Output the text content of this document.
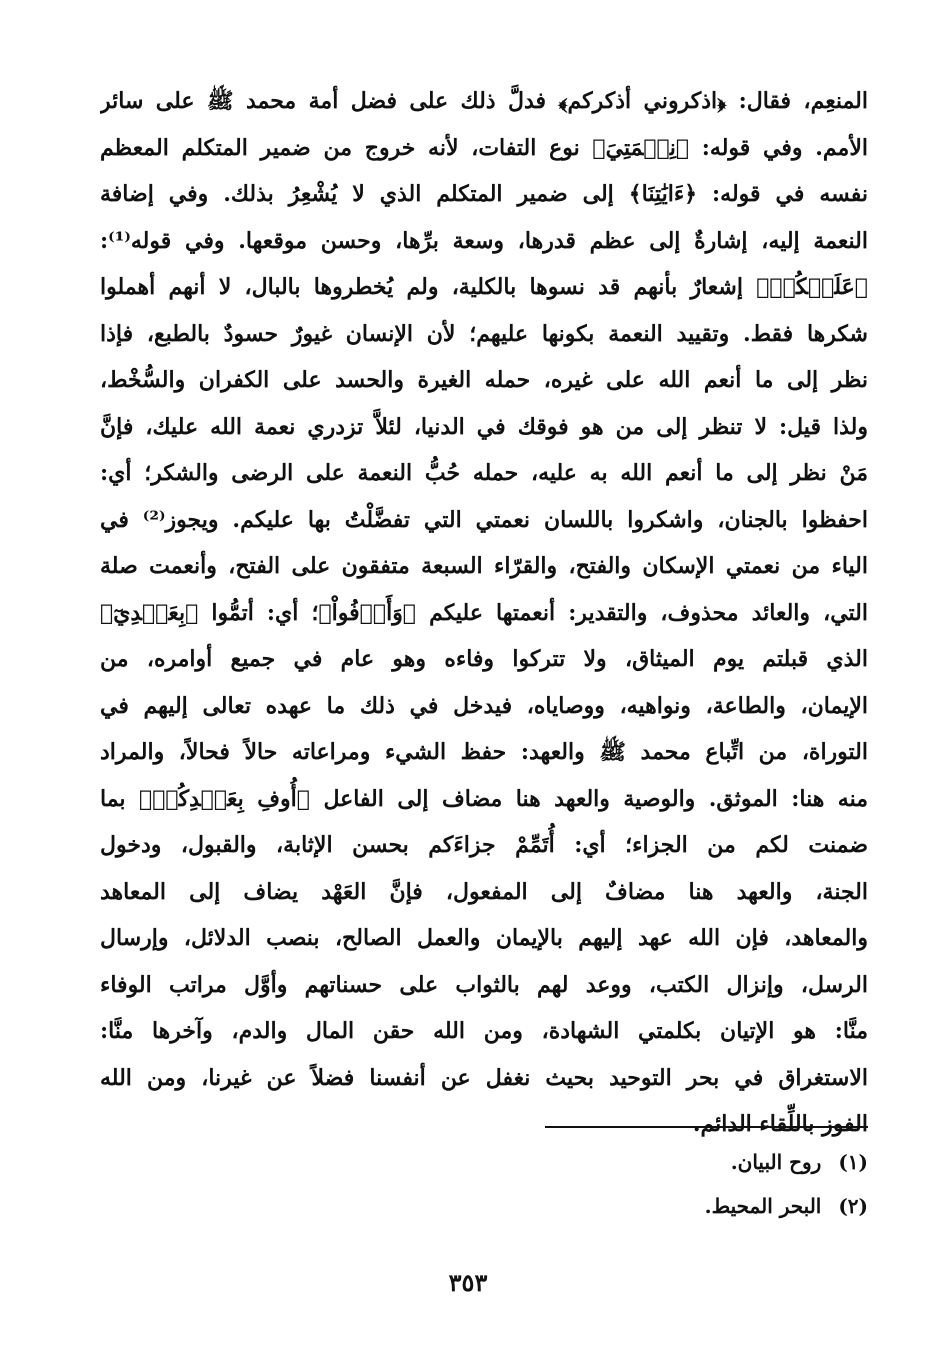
المنعِم، فقال: ﴿اذكروني أذكركم﴾ فدلَّ ذلك على فضل أمة محمد ﷺ على سائر
الأمم. وفي قوله: ﴿نِعۡمَتِيَ﴾ نوع التفات، لأنه خروج من ضمير المتكلم المعظم
نفسه في قوله: ﴿ءَايَٰتِنَا﴾ إلى ضمير المتكلم الذي لا يُشْعِرُ بذلك. وفي إضافة
النعمة إليه، إشارةٌ إلى عظم قدرها، وسعة برِّها، وحسن موقعها. وفي قوله⁽¹⁾:
﴿عَلَيۡكُمۡ﴾ إشعارٌ بأنهم قد نسوها بالكلية، ولم يُخطروها بالبال، لا أنهم أهملوا
شكرها فقط. وتقييد النعمة بكونها عليهم؛ لأن الإنسان غيورٌ حسودٌ بالطبع، فإذا
نظر إلى ما أنعم الله على غيره، حمله الغيرة والحسد على الكفران والسُّخْط،
ولذا قيل: لا تنظر إلى من هو فوقك في الدنيا، لئلاَّ تزدري نعمة الله عليك، فإنَّ
مَنْ نظر إلى ما أنعم الله به عليه، حمله حُبُّ النعمة على الرضى والشكر؛ أي:
احفظوا بالجنان، واشكروا باللسان نعمتي التي تفضَّلْتُ بها عليكم. ويجوز⁽²⁾ في
الياء من نعمتي الإسكان والفتح، والقرّاء السبعة متفقون على الفتح، وأنعمت صلة
التي، والعائد محذوف، والتقدير: أنعمتها عليكم ﴿وَأَوۡفُواْ﴾؛ أي: أتمُّوا ﴿بِعَهۡدِيٓ﴾
الذي قبلتم يوم الميثاق، ولا تتركوا وفاءه وهو عام في جميع أوامره، من
الإيمان، والطاعة، ونواهيه، ووصاياه، فيدخل في ذلك ما عهده تعالى إليهم في
التوراة، من اتِّباع محمد ﷺ والعهد: حفظ الشيء ومراعاته حالاً فحالاً، والمراد
منه هنا: الموثق. والوصية والعهد هنا مضاف إلى الفاعل ﴿أُوفِ بِعَهۡدِكُمۡ﴾ بما
ضمنت لكم من الجزاء؛ أي: أُتَمِّمْ جزاءَكم بحسن الإثابة، والقبول، ودخول
الجنة، والعهد هنا مضافٌ إلى المفعول، فإنَّ العَهْد يضاف إلى المعاهد
والمعاهد، فإن الله عهد إليهم بالإيمان والعمل الصالح، بنصب الدلائل، وإرسال
الرسل، وإنزال الكتب، ووعد لهم بالثواب على حسناتهم وأوَّل مراتب الوفاء
منَّا: هو الإتيان بكلمتي الشهادة، ومن الله حقن المال والدم، وآخرها منَّا:
الاستغراق في بحر التوحيد بحيث نغفل عن أنفسنا فضلاً عن غيرنا، ومن الله
الفوز باللِّقاء الدائم.
(١) روح البيان.
(٢) البحر المحيط.
٣٥٣
